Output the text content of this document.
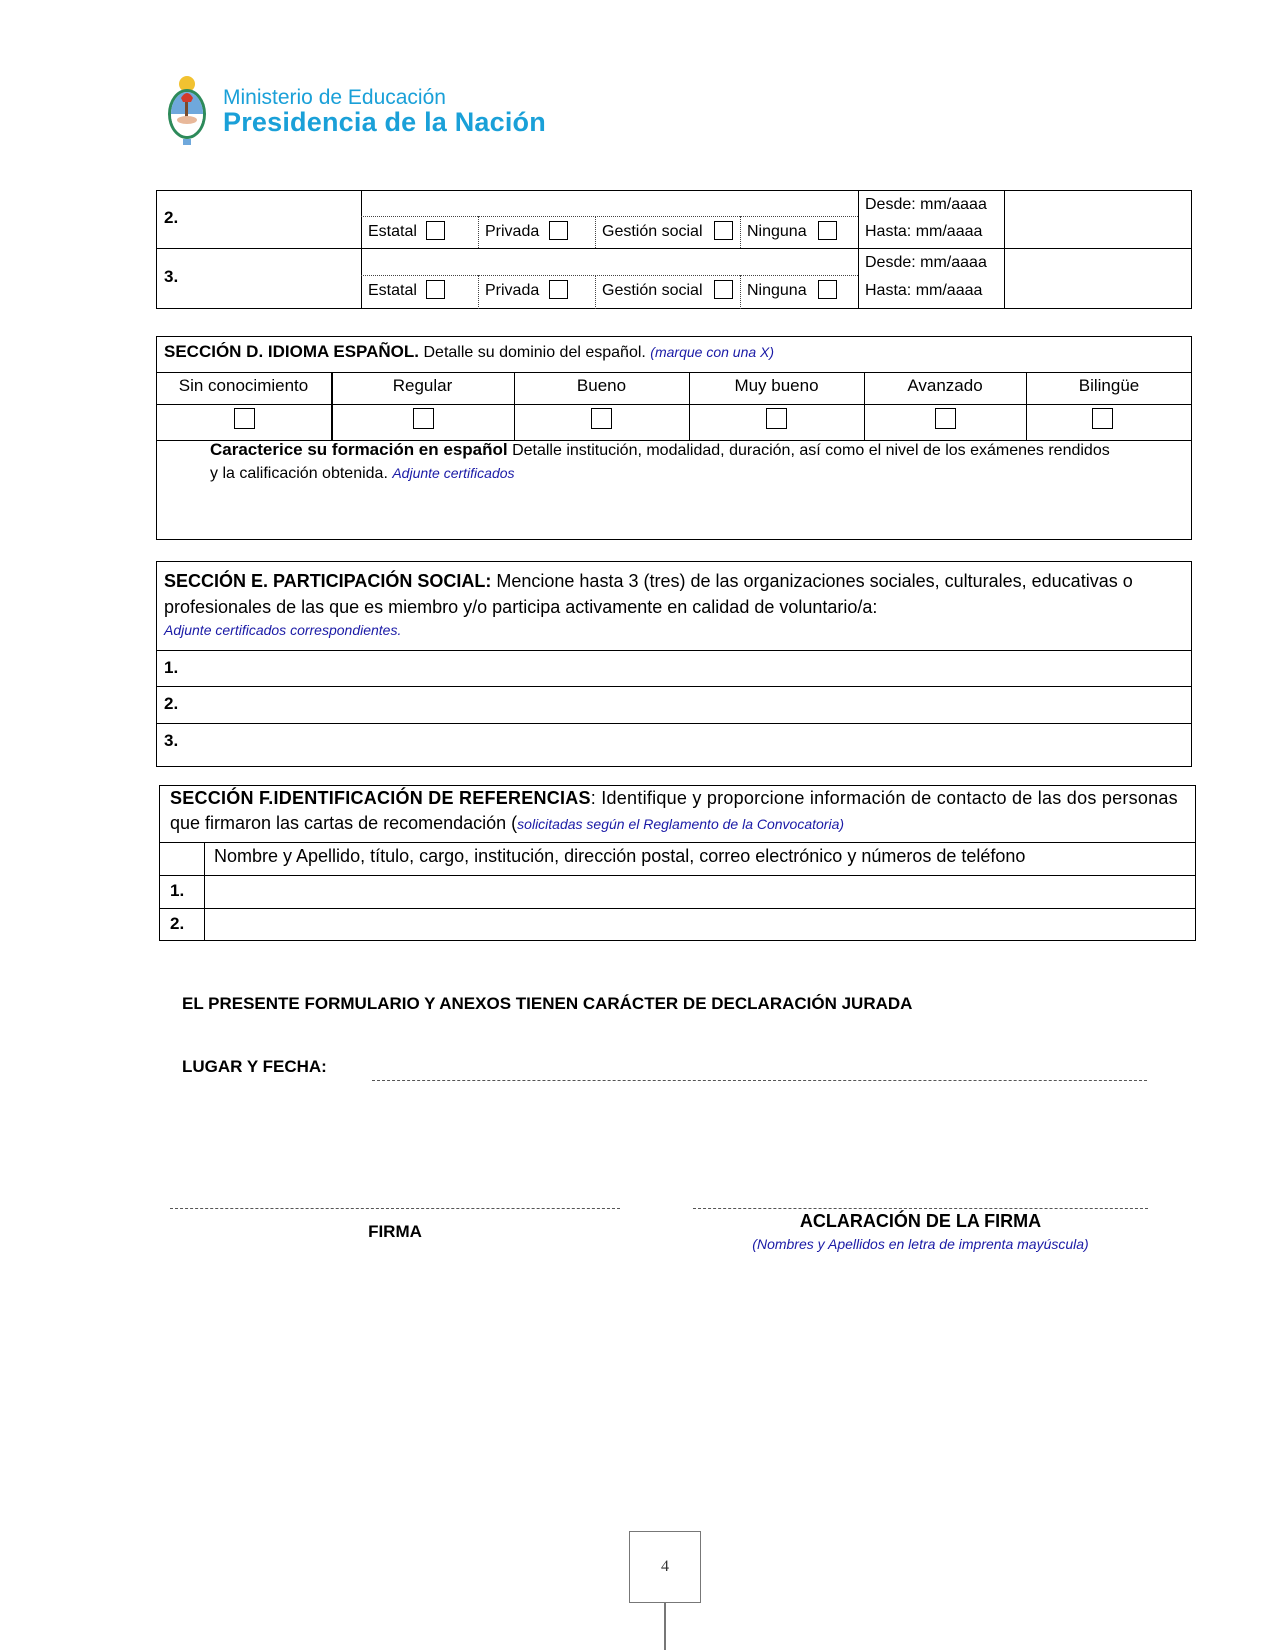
Ministerio de Educación
Presidencia de la Nación
2.
Estatal	Privada	Gestión social	Ninguna
Desde: mm/aaaa
Hasta: mm/aaaa
3.
Estatal	Privada	Gestión social	Ninguna
Desde: mm/aaaa
Hasta: mm/aaaa
SECCIÓN D. IDIOMA ESPAÑOL. Detalle su dominio del español. (marque con una X)
Sin conocimiento	Regular	Bueno	Muy bueno	Avanzado	Bilingüe
Caracterice su formación en español Detalle institución, modalidad, duración, así como el nivel de los exámenes rendidos
y la calificación obtenida. Adjunte certificados
SECCIÓN E. PARTICIPACIÓN SOCIAL: Mencione hasta 3 (tres) de las organizaciones sociales, culturales, educativas o
profesionales de las que es miembro y/o participa activamente en calidad de voluntario/a:
Adjunte certificados correspondientes.
1.
2.
3.
SECCIÓN F.IDENTIFICACIÓN DE REFERENCIAS: Identifique y proporcione información de contacto de las dos personas
que firmaron las cartas de recomendación (solicitadas según el Reglamento de la Convocatoria)
Nombre y Apellido, título, cargo, institución, dirección postal, correo electrónico y números de teléfono
1.
2.
EL PRESENTE FORMULARIO Y ANEXOS TIENEN CARÁCTER DE DECLARACIÓN JURADA
LUGAR Y FECHA:
FIRMA
ACLARACIÓN DE LA FIRMA
(Nombres y Apellidos en letra de imprenta mayúscula)
4
